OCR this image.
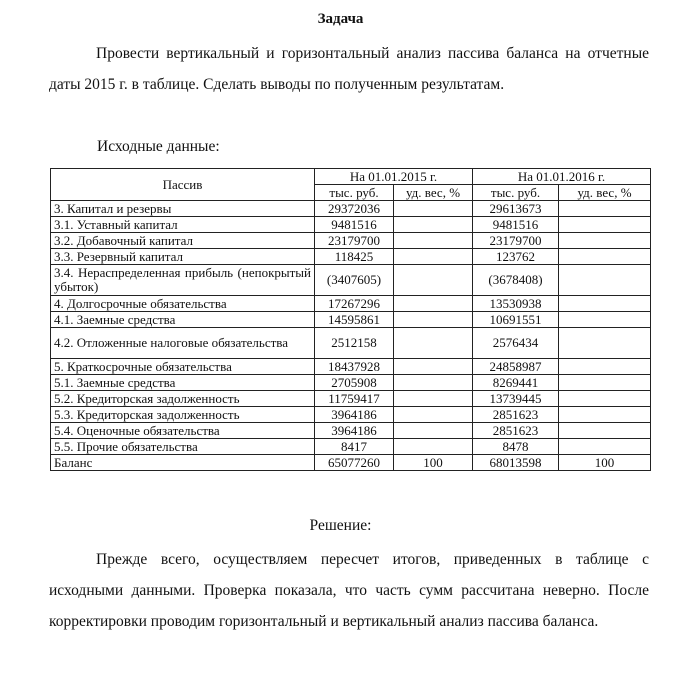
Задача

Провести вертикальный и горизонтальный анализ пассива баланса на отчетные даты 2015 г. в таблице. Сделать выводы по полученным результатам.

Исходные данные:
Пассив	На 01.01.2015 г.		На 01.01.2016 г.	
	тыс. руб.	уд. вес, %	тыс. руб.	уд. вес, %
3. Капитал и резервы	29372036		29613673	
3.1. Уставный капитал	9481516		9481516	
3.2. Добавочный капитал	23179700		23179700	
3.3. Резервный капитал	118425		123762	
3.4. Нераспределенная прибыль (непокрытый убыток)	(3407605)		(3678408)	
4. Долгосрочные обязательства	17267296		13530938	
4.1. Заемные средства	14595861		10691551	
4.2. Отложенные налоговые обязательства	2512158		2576434	
5. Краткосрочные обязательства	18437928		24858987	
5.1. Заемные средства	2705908		8269441	
5.2. Кредиторская задолженность	11759417		13739445	
5.3. Кредиторская задолженность	3964186		2851623	
5.4. Оценочные обязательства	3964186		2851623	
5.5. Прочие обязательства	8417		8478	
Баланс	65077260	100	68013598	100
Решение:

Прежде всего, осуществляем пересчет итогов, приведенных в таблице с исходными данными. Проверка показала, что часть сумм рассчитана неверно. После корректировки проводим горизонтальный и вертикальный анализ пассива баланса.
